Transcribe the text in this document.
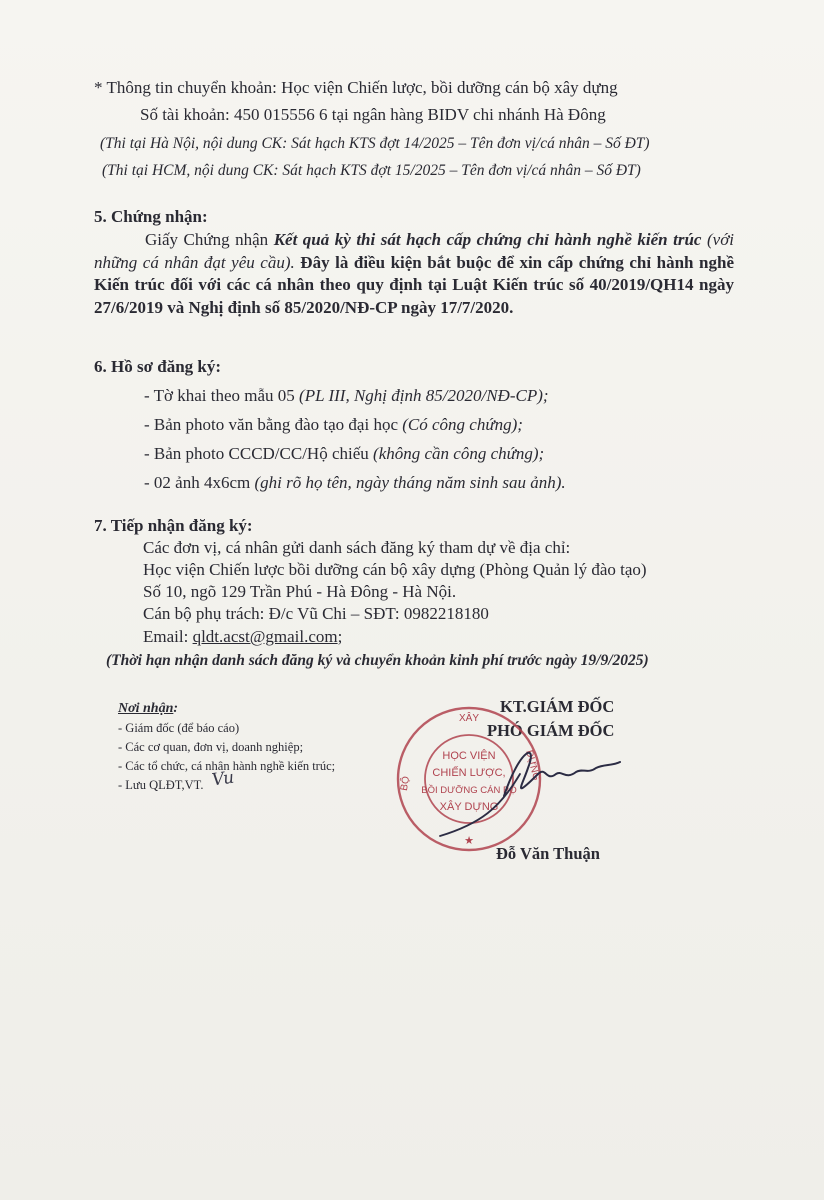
* Thông tin chuyển khoản: Học viện Chiến lược, bồi dưỡng cán bộ xây dựng
Số tài khoản: 450 015556 6 tại ngân hàng BIDV chi nhánh Hà Đông
(Thi tại Hà Nội, nội dung CK: Sát hạch KTS đợt 14/2025 – Tên đơn vị/cá nhân – Số ĐT)
(Thi tại HCM, nội dung CK: Sát hạch KTS đợt 15/2025 – Tên đơn vị/cá nhân – Số ĐT)
5. Chứng nhận:
Giấy Chứng nhận Kết quả kỳ thi sát hạch cấp chứng chỉ hành nghề kiến trúc (với những cá nhân đạt yêu cầu). Đây là điều kiện bắt buộc để xin cấp chứng chỉ hành nghề Kiến trúc đối với các cá nhân theo quy định tại Luật Kiến trúc số 40/2019/QH14 ngày 27/6/2019 và Nghị định số 85/2020/NĐ-CP ngày 17/7/2020.
6. Hồ sơ đăng ký:
- Tờ khai theo mẫu 05 (PL III, Nghị định 85/2020/NĐ-CP);
- Bản photo văn bằng đào tạo đại học (Có công chứng);
- Bản photo CCCD/CC/Hộ chiếu (không cần công chứng);
- 02 ảnh 4x6cm (ghi rõ họ tên, ngày tháng năm sinh sau ảnh).
7. Tiếp nhận đăng ký:
Các đơn vị, cá nhân gửi danh sách đăng ký tham dự về địa chỉ:
Học viện Chiến lược bồi dưỡng cán bộ xây dựng (Phòng Quản lý đào tạo)
Số 10, ngõ 129 Trần Phú - Hà Đông - Hà Nội.
Cán bộ phụ trách: Đ/c Vũ Chi – SĐT: 0982218180
Email: qldt.acst@gmail.com;
(Thời hạn nhận danh sách đăng ký và chuyển khoản kinh phí trước ngày 19/9/2025)
Nơi nhận:
- Giám đốc (để báo cáo)
- Các cơ quan, đơn vị, doanh nghiệp;
- Các tổ chức, cá nhân hành nghề kiến trúc;
- Lưu QLĐT,VT. Vu
KT.GIÁM ĐỐC
PHÓ GIÁM ĐỐC
XÂY
BỘ
DỰNG
HỌC VIỆN
CHIẾN LƯỢC,
BỒI DƯỠNG CÁN BỘ
XÂY DỰNG
★
Đỗ Văn Thuận
